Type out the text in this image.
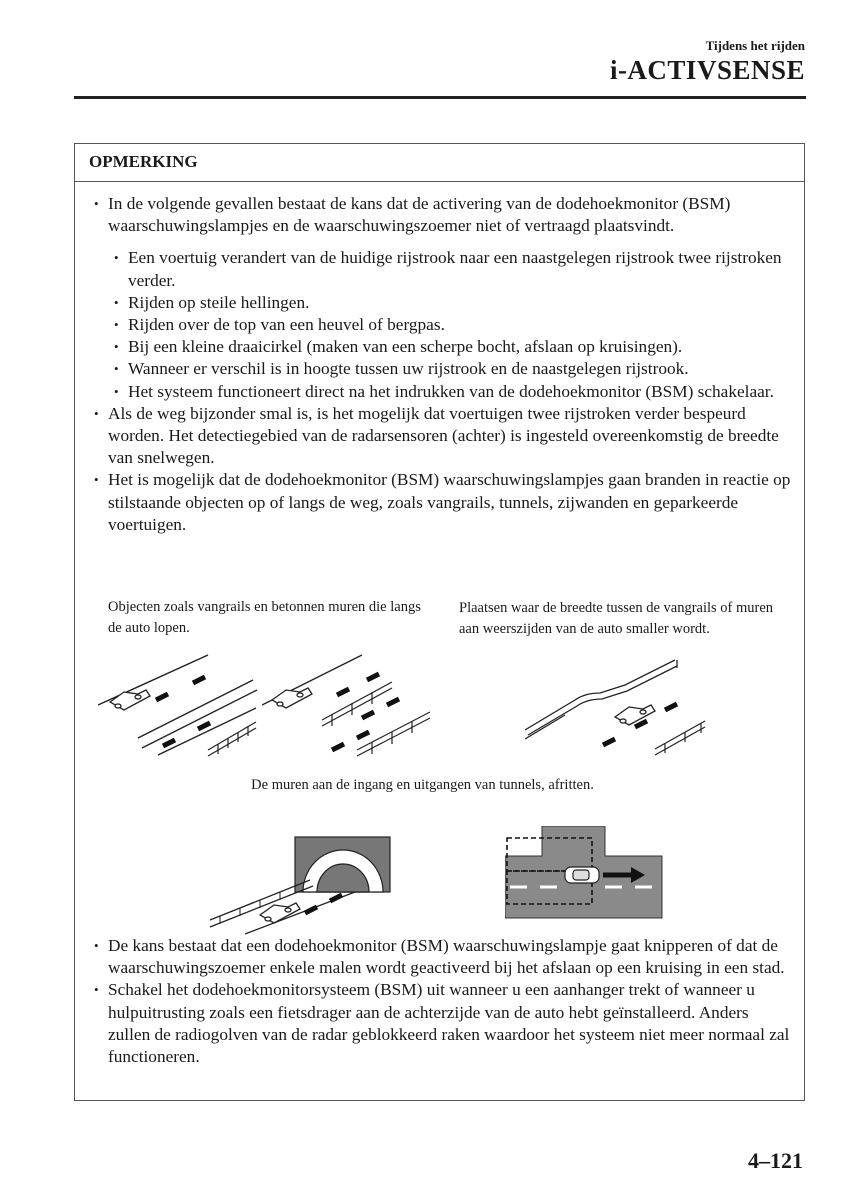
Tijdens het rijden
i-ACTIVSENSE
OPMERKING
• In de volgende gevallen bestaat de kans dat de activering van de dodehoekmonitor (BSM) waarschuwingslampjes en de waarschuwingszoemer niet of vertraagd plaatsvindt.
• Een voertuig verandert van de huidige rijstrook naar een naastgelegen rijstrook twee rijstroken verder.
• Rijden op steile hellingen.
• Rijden over de top van een heuvel of bergpas.
• Bij een kleine draaicirkel (maken van een scherpe bocht, afslaan op kruisingen).
• Wanneer er verschil is in hoogte tussen uw rijstrook en de naastgelegen rijstrook.
• Het systeem functioneert direct na het indrukken van de dodehoekmonitor (BSM) schakelaar.
• Als de weg bijzonder smal is, is het mogelijk dat voertuigen twee rijstroken verder bespeurd worden. Het detectiegebied van de radarsensoren (achter) is ingesteld overeenkomstig de breedte van snelwegen.
• Het is mogelijk dat de dodehoekmonitor (BSM) waarschuwingslampjes gaan branden in reactie op stilstaande objecten op of langs de weg, zoals vangrails, tunnels, zijwanden en geparkeerde voertuigen.
Objecten zoals vangrails en betonnen muren die langs de auto lopen.
Plaatsen waar de breedte tussen de vangrails of muren aan weerszijden van de auto smaller wordt.
De muren aan de ingang en uitgangen van tunnels, afritten.
• De kans bestaat dat een dodehoekmonitor (BSM) waarschuwingslampje gaat knipperen of dat de waarschuwingszoemer enkele malen wordt geactiveerd bij het afslaan op een kruising in een stad.
• Schakel het dodehoekmonitorsysteem (BSM) uit wanneer u een aanhanger trekt of wanneer u hulpuitrusting zoals een fietsdrager aan de achterzijde van de auto hebt geïnstalleerd. Anders zullen de radiogolven van de radar geblokkeerd raken waardoor het systeem niet meer normaal zal functioneren.
4–121
